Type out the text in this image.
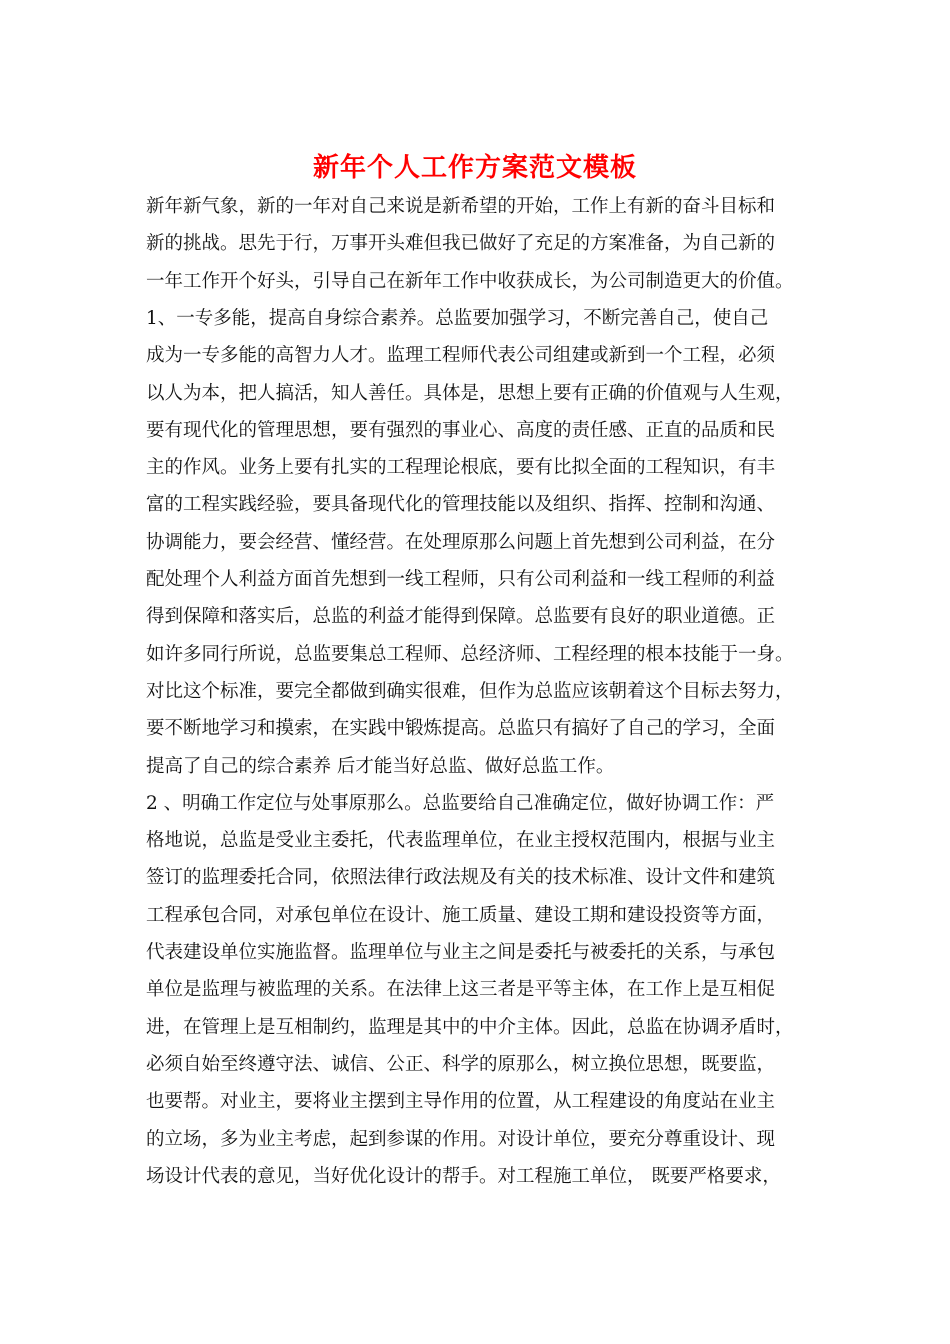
新年个人工作方案范文模板
新年新气象，新的一年对自己来说是新希望的开始，工作上有新的奋斗目标和
新的挑战。思先于行，万事开头难但我已做好了充足的方案准备，为自己新的
一年工作开个好头，引导自己在新年工作中收获成长，为公司制造更大的价值。
1、一专多能，提高自身综合素养。总监要加强学习，不断完善自己，使自己
成为一专多能的高智力人才。监理工程师代表公司组建或新到一个工程，必须
以人为本，把人搞活，知人善任。具体是，思想上要有正确的价值观与人生观，
要有现代化的管理思想，要有强烈的事业心、高度的责任感、正直的品质和民
主的作风。业务上要有扎实的工程理论根底，要有比拟全面的工程知识，有丰
富的工程实践经验，要具备现代化的管理技能以及组织、指挥、控制和沟通、
协调能力，要会经营、懂经营。在处理原那么问题上首先想到公司利益，在分
配处理个人利益方面首先想到一线工程师，只有公司利益和一线工程师的利益
得到保障和落实后，总监的利益才能得到保障。总监要有良好的职业道德。正
如许多同行所说，总监要集总工程师、总经济师、工程经理的根本技能于一身。
对比这个标准，要完全都做到确实很难，但作为总监应该朝着这个目标去努力，
要不断地学习和摸索，在实践中锻炼提高。总监只有搞好了自己的学习，全面
提高了自己的综合素养 后才能当好总监、做好总监工作。
2 、明确工作定位与处事原那么。总监要给自己准确定位，做好协调工作：严
格地说，总监是受业主委托，代表监理单位，在业主授权范围内，根据与业主
签订的监理委托合同，依照法律行政法规及有关的技术标准、设计文件和建筑
工程承包合同，对承包单位在设计、施工质量、建设工期和建设投资等方面，
代表建设单位实施监督。监理单位与业主之间是委托与被委托的关系，与承包
单位是监理与被监理的关系。在法律上这三者是平等主体，在工作上是互相促
进，在管理上是互相制约，监理是其中的中介主体。因此，总监在协调矛盾时，
必须自始至终遵守法、诚信、公正、科学的原那么，树立换位思想，既要监，
也要帮。对业主，要将业主摆到主导作用的位置，从工程建设的角度站在业主
的立场，多为业主考虑，起到参谋的作用。对设计单位，要充分尊重设计、现
场设计代表的意见，当好优化设计的帮手。对工程施工单位， 既要严格要求，
